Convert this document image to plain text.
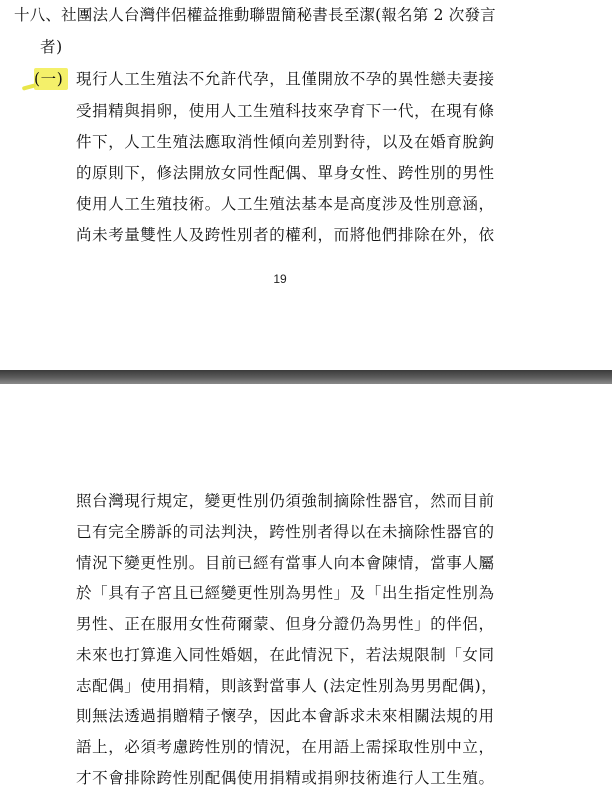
十八、社團法人台灣伴侶權益推動聯盟簡秘書長至潔(報名第 2 次發言
者)
(一) 現行人工生殖法不允許代孕，且僅開放不孕的異性戀夫妻接
受捐精與捐卵，使用人工生殖科技來孕育下一代，在現有條
件下，人工生殖法應取消性傾向差別對待，以及在婚育脫鉤
的原則下，修法開放女同性配偶、單身女性、跨性別的男性
使用人工生殖技術。人工生殖法基本是高度涉及性別意涵，
尚未考量雙性人及跨性別者的權利，而將他們排除在外，依
19
照台灣現行規定，變更性別仍須強制摘除性器官，然而目前
已有完全勝訴的司法判決，跨性別者得以在未摘除性器官的
情況下變更性別。目前已經有當事人向本會陳情，當事人屬
於「具有子宮且已經變更性別為男性」及「出生指定性別為
男性、正在服用女性荷爾蒙、但身分證仍為男性」的伴侶，
未來也打算進入同性婚姻，在此情況下，若法規限制「女同
志配偶」使用捐精，則該對當事人 (法定性別為男男配偶)，
則無法透過捐贈精子懷孕，因此本會訴求未來相關法規的用
語上，必須考慮跨性別的情況，在用語上需採取性別中立，
才不會排除跨性別配偶使用捐精或捐卵技術進行人工生殖。
